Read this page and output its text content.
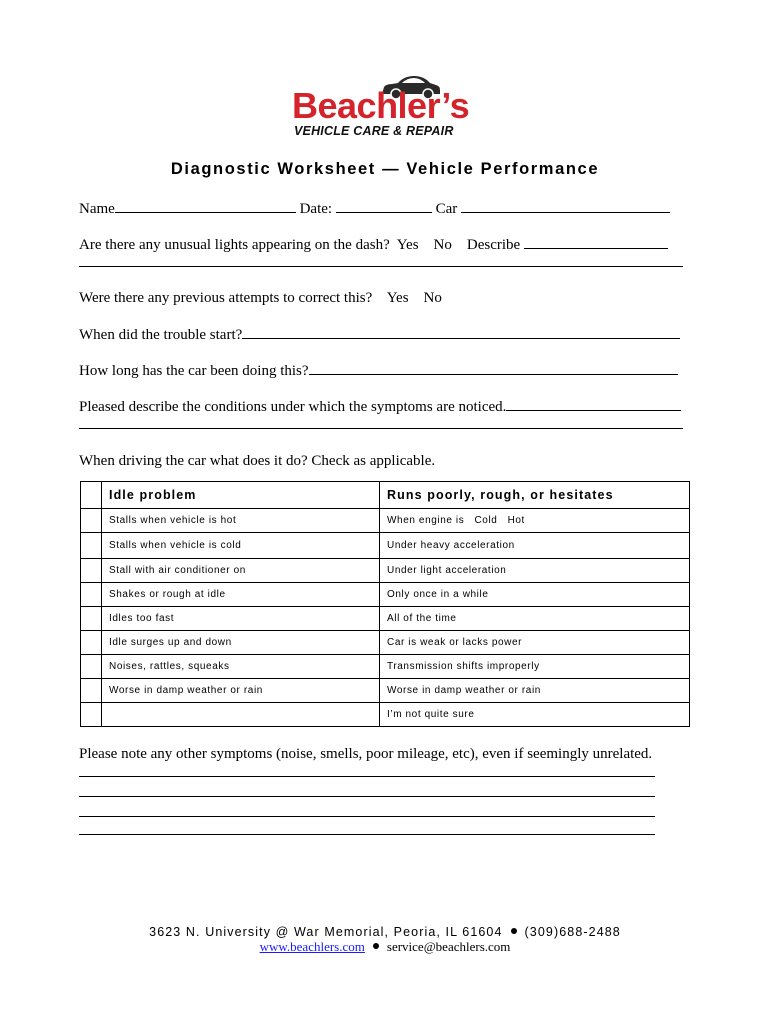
Beachler’s
VEHICLE CARE & REPAIR
Diagnostic Worksheet — Vehicle Performance
Name	Date:	Car
Are there any unusual lights appearing on the dash? Yes No Describe
Were there any previous attempts to correct this? Yes No
When did the trouble start?
How long has the car been doing this?
Pleased describe the conditions under which the symptoms are noticed.
When driving the car what does it do? Check as applicable.
	Idle problem	Runs poorly, rough, or hesitates
	Stalls when vehicle is hot	When engine is   Cold   Hot
	Stalls when vehicle is cold	Under heavy acceleration
	Stall with air conditioner on	Under light acceleration
	Shakes or rough at idle	Only once in a while
	Idles too fast	All of the time
	Idle surges up and down	Car is weak or lacks power
	Noises, rattles, squeaks	Transmission shifts improperly
	Worse in damp weather or rain	Worse in damp weather or rain
		I’m not quite sure
Please note any other symptoms (noise, smells, poor mileage, etc), even if seemingly unrelated.
3623 N. University @ War Memorial, Peoria, IL 61604 (309)688-2488
www.beachlers.com service@beachlers.com
